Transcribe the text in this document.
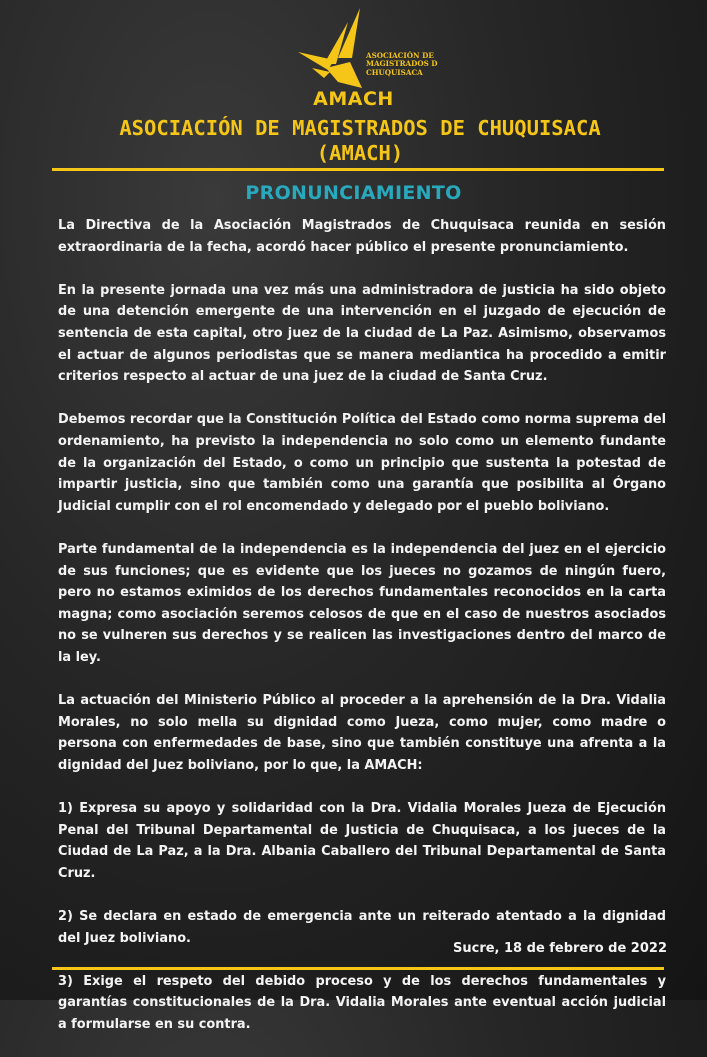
ASOCIACIÓN DE
MAGISTRADOS D
CHUQUISACA
AMACH
ASOCIACIÓN DE MAGISTRADOS DE CHUQUISACA
(AMACH)
PRONUNCIAMIENTO

La Directiva de la Asociación Magistrados de Chuquisaca reunida en sesión extraordinaria de la fecha, acordó hacer público el presente pronunciamiento.

En la presente jornada una vez más una administradora de justicia ha sido objeto de una detención emergente de una intervención en el juzgado de ejecución de sentencia de esta capital, otro juez de la ciudad de La Paz. Asimismo, observamos el actuar de algunos periodistas que se manera mediantica ha procedido a emitir criterios respecto al actuar de una juez de la ciudad de Santa Cruz.

Debemos recordar que la Constitución Política del Estado como norma suprema del ordenamiento, ha previsto la independencia no solo como un elemento fundante de la organización del Estado, o como un principio que sustenta la potestad de impartir justicia, sino que también como una garantía que posibilita al Órgano Judicial cumplir con el rol encomendado y delegado por el pueblo boliviano.

Parte fundamental de la independencia es la independencia del juez en el ejercicio de sus funciones; que es evidente que los jueces no gozamos de ningún fuero, pero no estamos eximidos de los derechos fundamentales reconocidos en la carta magna; como asociación seremos celosos de que en el caso de nuestros asociados no se vulneren sus derechos y se realicen las investigaciones dentro del marco de la ley.

La actuación del Ministerio Público al proceder a la aprehensión de la Dra. Vidalia Morales, no solo mella su dignidad como Jueza, como mujer, como madre o persona con enfermedades de base, sino que también constituye una afrenta a la dignidad del Juez boliviano, por lo que, la AMACH:

1) Expresa su apoyo y solidaridad con la Dra. Vidalia Morales Jueza de Ejecución Penal del Tribunal Departamental de Justicia de Chuquisaca, a los jueces de la Ciudad de La Paz, a la Dra. Albania Caballero del Tribunal Departamental de Santa Cruz.

2) Se declara en estado de emergencia ante un reiterado atentado a la dignidad del Juez boliviano.

3) Exige el respeto del debido proceso y de los derechos fundamentales y garantías constitucionales de la Dra. Vidalia Morales ante eventual acción judicial a formularse en su contra.

Sucre, 18 de febrero de 2022
